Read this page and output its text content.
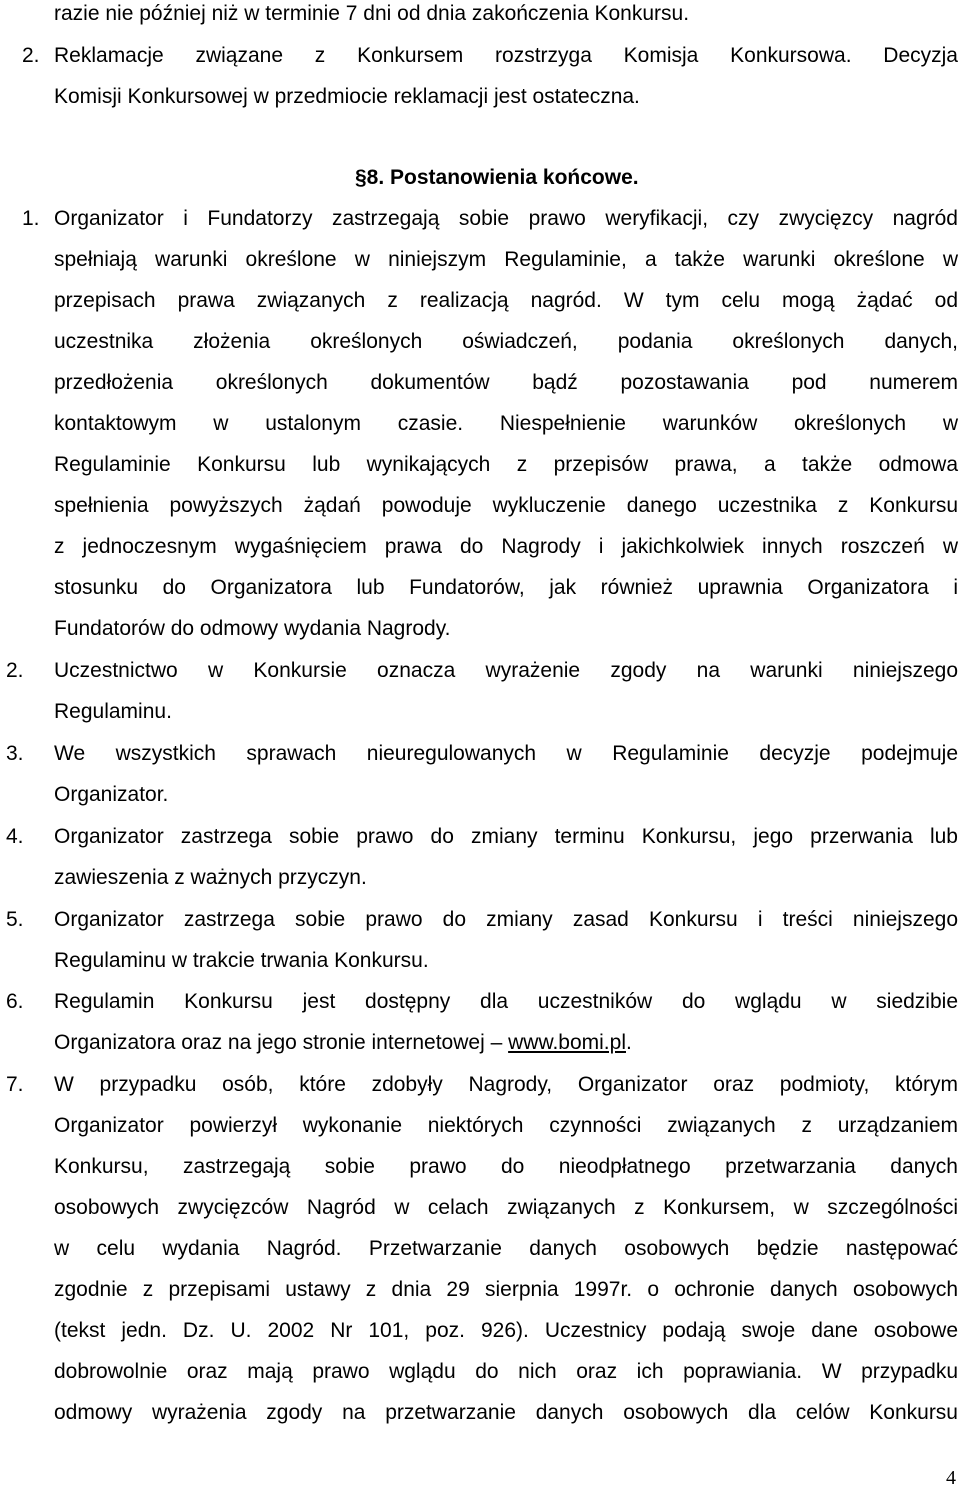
razie nie później niż w terminie 7 dni od dnia zakończenia Konkursu.
2. Reklamacje związane z Konkursem rozstrzyga Komisja Konkursowa. Decyzja
Komisji Konkursowej w przedmiocie reklamacji jest ostateczna.
§8. Postanowienia końcowe.
1. Organizator i Fundatorzy zastrzegają sobie prawo weryfikacji, czy zwycięzcy nagród
spełniają warunki określone w niniejszym Regulaminie, a także warunki określone w
przepisach prawa związanych z realizacją nagród. W tym celu mogą żądać od
uczestnika złożenia określonych oświadczeń, podania określonych danych,
przedłożenia określonych dokumentów bądź pozostawania pod numerem
kontaktowym w ustalonym czasie. Niespełnienie warunków określonych w
Regulaminie Konkursu lub wynikających z przepisów prawa, a także odmowa
spełnienia powyższych żądań powoduje wykluczenie danego uczestnika z Konkursu
z jednoczesnym wygaśnięciem prawa do Nagrody i jakichkolwiek innych roszczeń w
stosunku do Organizatora lub Fundatorów, jak również uprawnia Organizatora i
Fundatorów do odmowy wydania Nagrody.
2. Uczestnictwo w Konkursie oznacza wyrażenie zgody na warunki niniejszego
Regulaminu.
3. We wszystkich sprawach nieuregulowanych w Regulaminie decyzje podejmuje
Organizator.
4. Organizator zastrzega sobie prawo do zmiany terminu Konkursu, jego przerwania lub
zawieszenia z ważnych przyczyn.
5. Organizator zastrzega sobie prawo do zmiany zasad Konkursu i treści niniejszego
Regulaminu w trakcie trwania Konkursu.
6. Regulamin Konkursu jest dostępny dla uczestników do wglądu w siedzibie
Organizatora oraz na jego stronie internetowej – www.bomi.pl.
7. W przypadku osób, które zdobyły Nagrody, Organizator oraz podmioty, którym
Organizator powierzył wykonanie niektórych czynności związanych z urządzaniem
Konkursu, zastrzegają sobie prawo do nieodpłatnego przetwarzania danych
osobowych zwycięzców Nagród w celach związanych z Konkursem, w szczególności
w celu wydania Nagród. Przetwarzanie danych osobowych będzie następować
zgodnie z przepisami ustawy z dnia 29 sierpnia 1997r. o ochronie danych osobowych
(tekst jedn. Dz. U. 2002 Nr 101, poz. 926). Uczestnicy podają swoje dane osobowe
dobrowolnie oraz mają prawo wglądu do nich oraz ich poprawiania. W przypadku
odmowy wyrażenia zgody na przetwarzanie danych osobowych dla celów Konkursu
4
